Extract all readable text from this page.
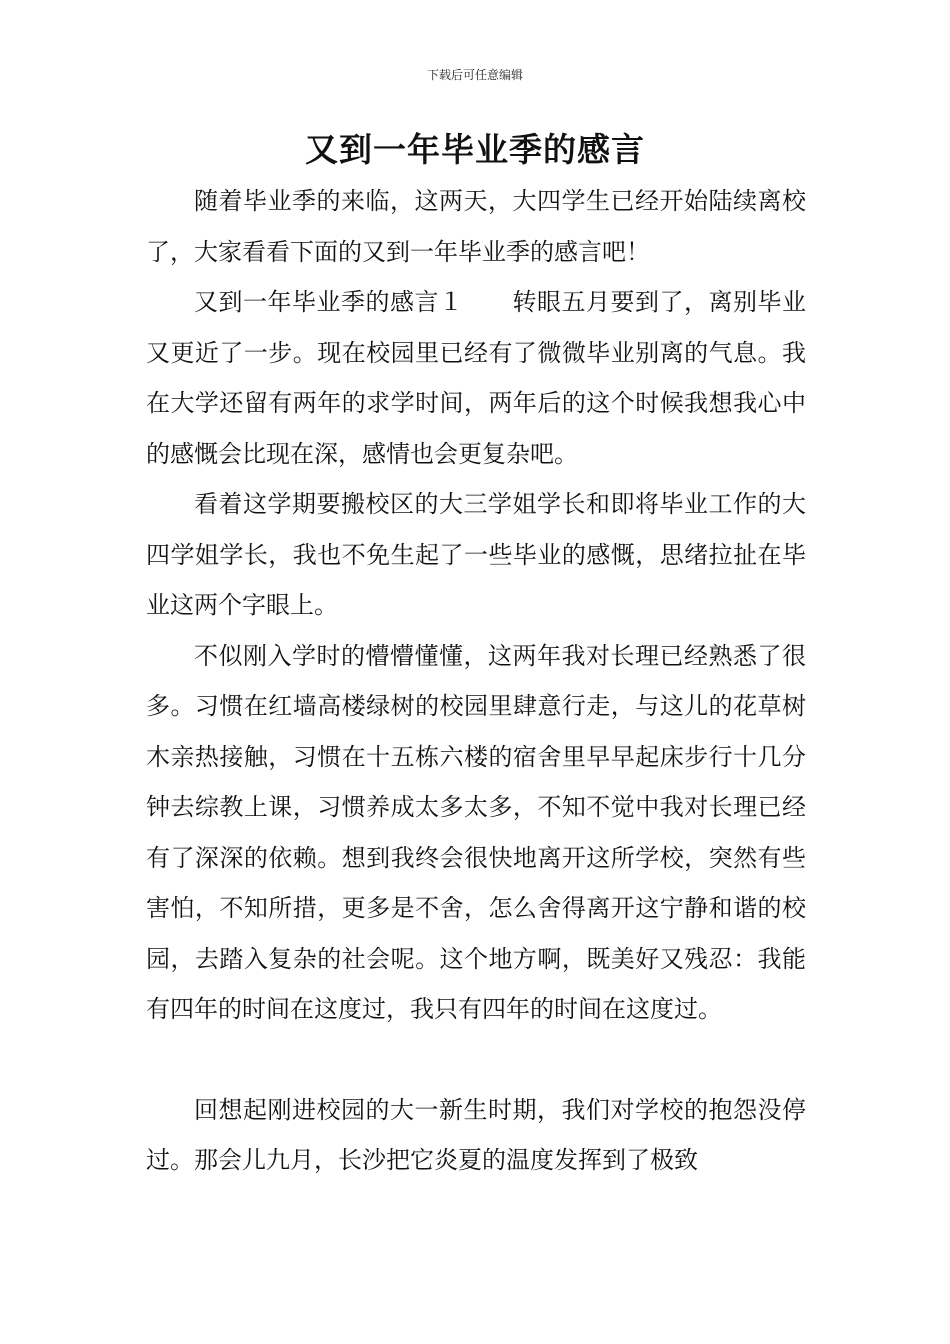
下载后可任意编辑
又到一年毕业季的感言

随着毕业季的来临，这两天，大四学生已经开始陆续离校了，大家看看下面的又到一年毕业季的感言吧！

又到一年毕业季的感言１　　转眼五月要到了，离别毕业又更近了一步。现在校园里已经有了微微毕业别离的气息。我在大学还留有两年的求学时间，两年后的这个时候我想我心中的感慨会比现在深，感情也会更复杂吧。

看着这学期要搬校区的大三学姐学长和即将毕业工作的大四学姐学长，我也不免生起了一些毕业的感慨，思绪拉扯在毕业这两个字眼上。

不似刚入学时的懵懵懂懂，这两年我对长理已经熟悉了很多。习惯在红墙高楼绿树的校园里肆意行走，与这儿的花草树木亲热接触，习惯在十五栋六楼的宿舍里早早起床步行十几分钟去综教上课，习惯养成太多太多，不知不觉中我对长理已经有了深深的依赖。想到我终会很快地离开这所学校，突然有些害怕，不知所措，更多是不舍，怎么舍得离开这宁静和谐的校园，去踏入复杂的社会呢。这个地方啊，既美好又残忍：我能有四年的时间在这度过，我只有四年的时间在这度过。

回想起刚进校园的大一新生时期，我们对学校的抱怨没停过。那会儿九月，长沙把它炎夏的温度发挥到了极致
